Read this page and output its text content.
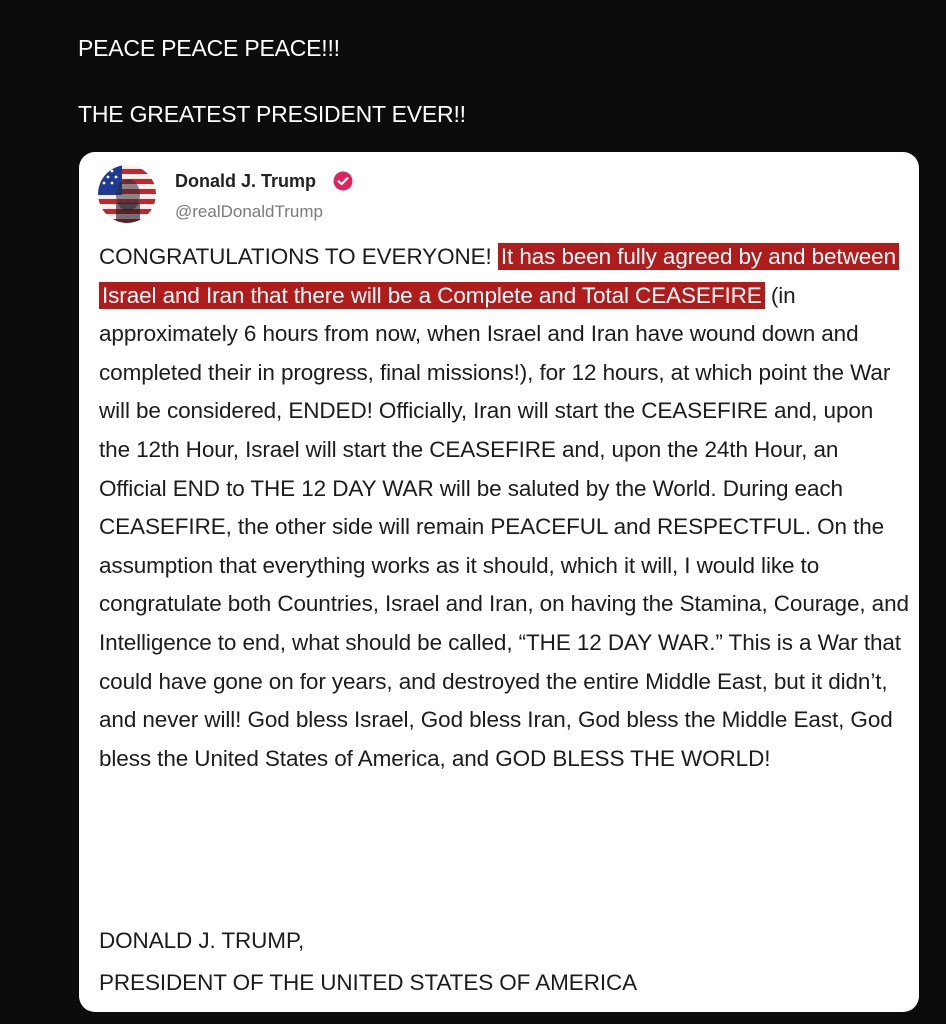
PEACE PEACE PEACE!!!
THE GREATEST PRESIDENT EVER!!
Donald J. Trump
@realDonaldTrump

CONGRATULATIONS TO EVERYONE! It has been fully agreed by and between Israel and Iran that there will be a Complete and Total CEASEFIRE (in approximately 6 hours from now, when Israel and Iran have wound down and completed their in progress, final missions!), for 12 hours, at which point the War will be considered, ENDED! Officially, Iran will start the CEASEFIRE and, upon the 12th Hour, Israel will start the CEASEFIRE and, upon the 24th Hour, an Official END to THE 12 DAY WAR will be saluted by the World. During each CEASEFIRE, the other side will remain PEACEFUL and RESPECTFUL. On the assumption that everything works as it should, which it will, I would like to congratulate both Countries, Israel and Iran, on having the Stamina, Courage, and Intelligence to end, what should be called, “THE 12 DAY WAR.” This is a War that could have gone on for years, and destroyed the entire Middle East, but it didn’t, and never will! God bless Israel, God bless Iran, God bless the Middle East, God bless the United States of America, and GOD BLESS THE WORLD!

DONALD J. TRUMP,
PRESIDENT OF THE UNITED STATES OF AMERICA
